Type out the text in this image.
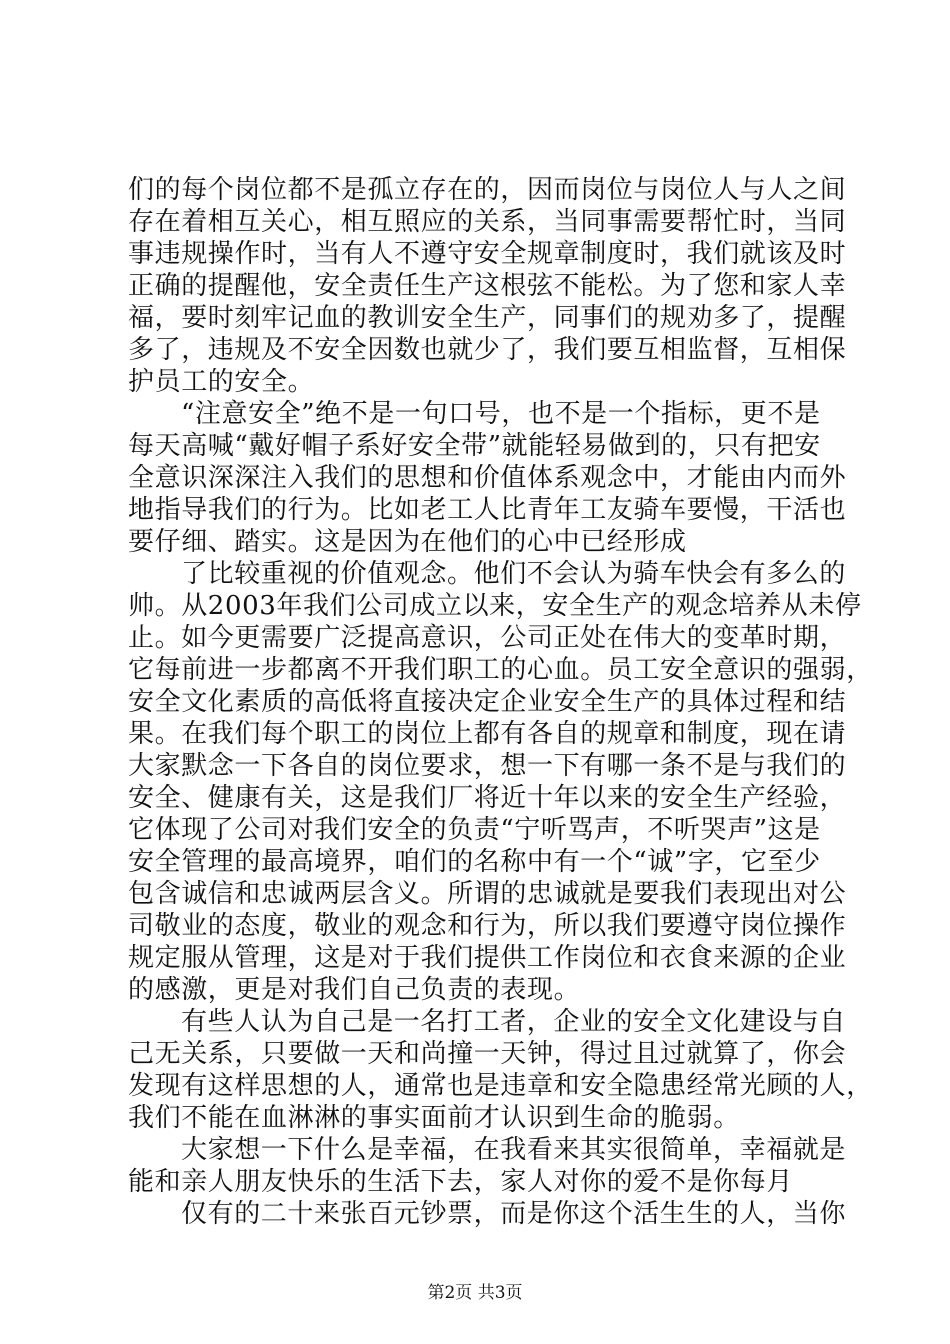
们的每个岗位都不是孤立存在的，因而岗位与岗位人与人之间
存在着相互关心，相互照应的关系，当同事需要帮忙时，当同
事违规操作时，当有人不遵守安全规章制度时，我们就该及时
正确的提醒他，安全责任生产这根弦不能松。为了您和家人幸
福，要时刻牢记血的教训安全生产，同事们的规劝多了，提醒
多了，违规及不安全因数也就少了，我们要互相监督，互相保
护员工的安全。
“注意安全”绝不是一句口号，也不是一个指标，更不是
每天高喊“戴好帽子系好安全带”就能轻易做到的，只有把安
全意识深深注入我们的思想和价值体系观念中，才能由内而外
地指导我们的行为。比如老工人比青年工友骑车要慢，干活也
要仔细、踏实。这是因为在他们的心中已经形成
了比较重视的价值观念。他们不会认为骑车快会有多么的
帅。从2003年我们公司成立以来，安全生产的观念培养从未停
止。如今更需要广泛提高意识，公司正处在伟大的变革时期，
它每前进一步都离不开我们职工的心血。员工安全意识的强弱，
安全文化素质的高低将直接决定企业安全生产的具体过程和结
果。在我们每个职工的岗位上都有各自的规章和制度，现在请
大家默念一下各自的岗位要求，想一下有哪一条不是与我们的
安全、健康有关，这是我们厂将近十年以来的安全生产经验，
它体现了公司对我们安全的负责“宁听骂声，不听哭声”这是
安全管理的最高境界，咱们的名称中有一个“诚”字，它至少
包含诚信和忠诚两层含义。所谓的忠诚就是要我们表现出对公
司敬业的态度，敬业的观念和行为，所以我们要遵守岗位操作
规定服从管理，这是对于我们提供工作岗位和衣食来源的企业
的感激，更是对我们自己负责的表现。
有些人认为自己是一名打工者，企业的安全文化建设与自
己无关系，只要做一天和尚撞一天钟，得过且过就算了，你会
发现有这样思想的人，通常也是违章和安全隐患经常光顾的人，
我们不能在血淋淋的事实面前才认识到生命的脆弱。
大家想一下什么是幸福，在我看来其实很简单，幸福就是
能和亲人朋友快乐的生活下去，家人对你的爱不是你每月
仅有的二十来张百元钞票，而是你这个活生生的人，当你
第2页 共3页
